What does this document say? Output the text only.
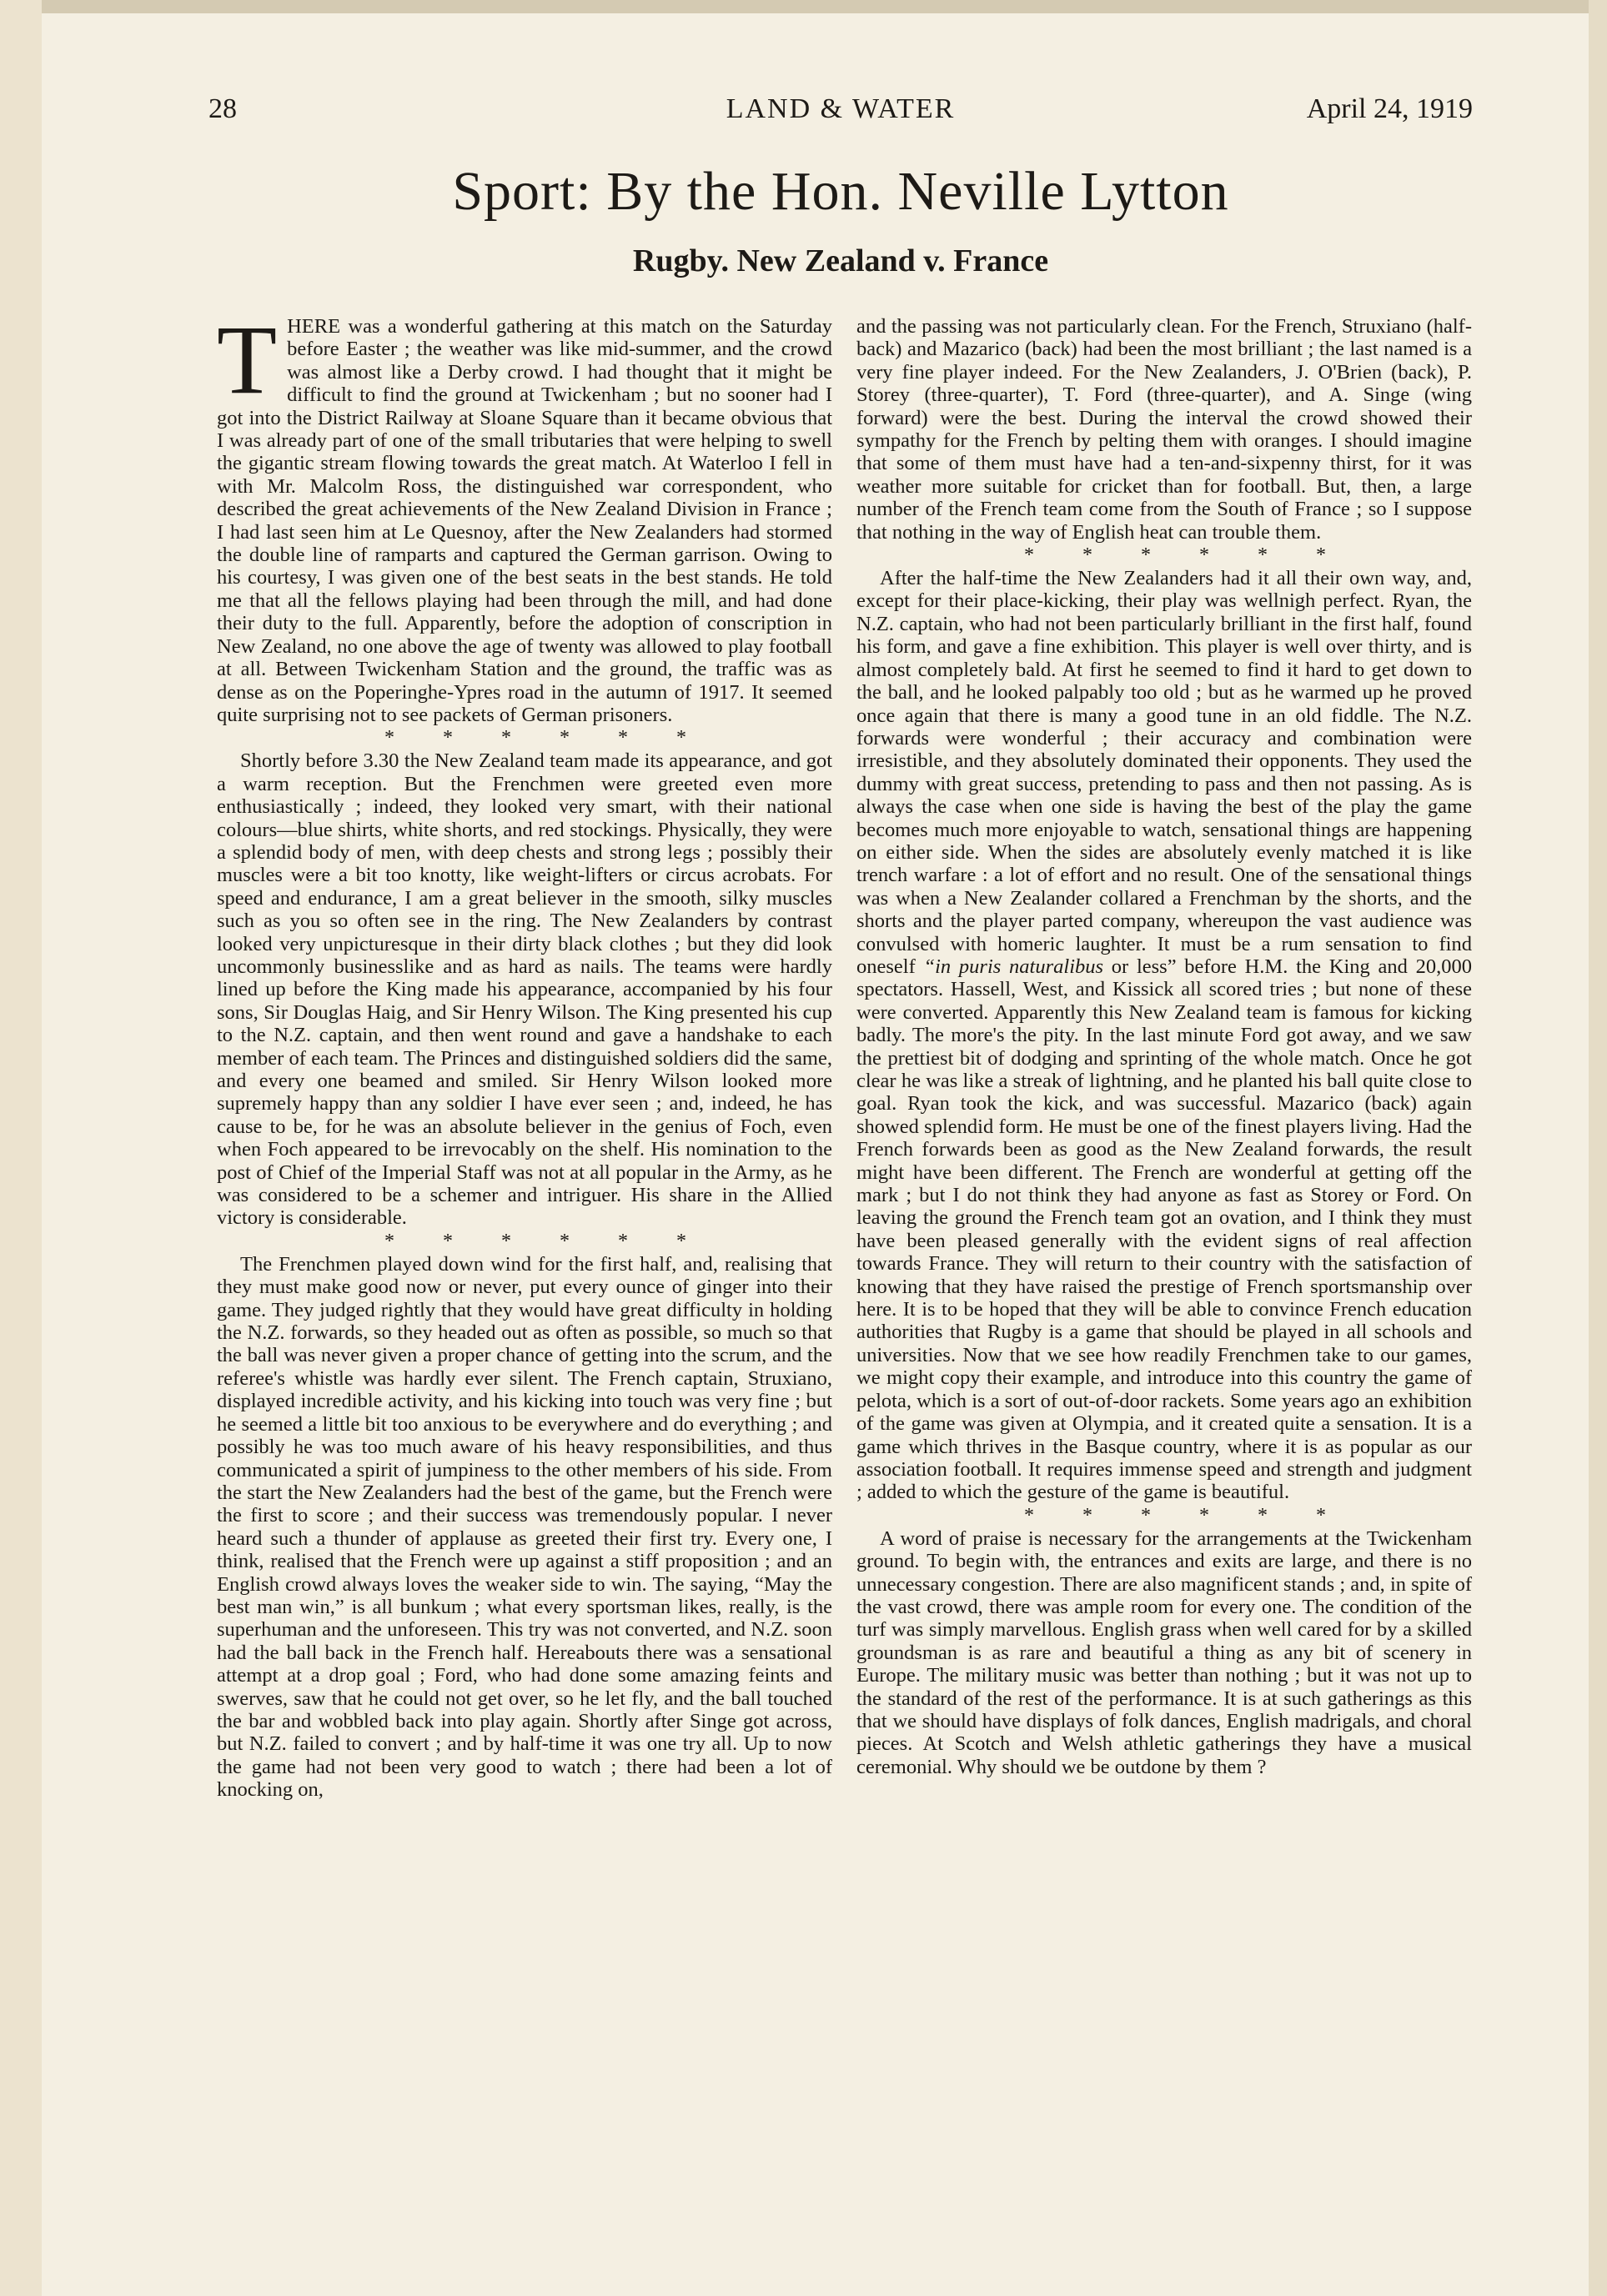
28	LAND & WATER	April 24, 1919
Sport: By the Hon. Neville Lytton
Rugby. New Zealand v. France

THERE was a wonderful gathering at this match on the Saturday before Easter ; the weather was like mid-summer, and the crowd was almost like a Derby crowd. I had thought that it might be difficult to find the ground at Twickenham ; but no sooner had I got into the District Railway at Sloane Square than it became obvious that I was already part of one of the small tributaries that were helping to swell the gigantic stream flowing towards the great match. At Waterloo I fell in with Mr. Malcolm Ross, the distinguished war correspondent, who described the great achievements of the New Zealand Division in France ; I had last seen him at Le Quesnoy, after the New Zealanders had stormed the double line of ramparts and captured the German garrison. Owing to his courtesy, I was given one of the best seats in the best stands. He told me that all the fellows playing had been through the mill, and had done their duty to the full. Apparently, before the adoption of conscription in New Zealand, no one above the age of twenty was allowed to play football at all. Between Twickenham Station and the ground, the traffic was as dense as on the Poperinghe-Ypres road in the autumn of 1917. It seemed quite surprising not to see packets of German prisoners.

* * * * * *

Shortly before 3.30 the New Zealand team made its appearance, and got a warm reception. But the Frenchmen were greeted even more enthusiastically ; indeed, they looked very smart, with their national colours—blue shirts, white shorts, and red stockings. Physically, they were a splendid body of men, with deep chests and strong legs ; possibly their muscles were a bit too knotty, like weight-lifters or circus acrobats. For speed and endurance, I am a great believer in the smooth, silky muscles such as you so often see in the ring. The New Zealanders by contrast looked very unpicturesque in their dirty black clothes ; but they did look uncommonly businesslike and as hard as nails. The teams were hardly lined up before the King made his appearance, accompanied by his four sons, Sir Douglas Haig, and Sir Henry Wilson. The King presented his cup to the N.Z. captain, and then went round and gave a handshake to each member of each team. The Princes and distinguished soldiers did the same, and every one beamed and smiled. Sir Henry Wilson looked more supremely happy than any soldier I have ever seen ; and, indeed, he has cause to be, for he was an absolute believer in the genius of Foch, even when Foch appeared to be irrevocably on the shelf. His nomination to the post of Chief of the Imperial Staff was not at all popular in the Army, as he was considered to be a schemer and intriguer. His share in the Allied victory is considerable.

* * * * * *

The Frenchmen played down wind for the first half, and, realising that they must make good now or never, put every ounce of ginger into their game. They judged rightly that they would have great difficulty in holding the N.Z. forwards, so they headed out as often as possible, so much so that the ball was never given a proper chance of getting into the scrum, and the referee's whistle was hardly ever silent. The French captain, Struxiano, displayed incredible activity, and his kicking into touch was very fine ; but he seemed a little bit too anxious to be everywhere and do everything ; and possibly he was too much aware of his heavy responsibilities, and thus communicated a spirit of jumpiness to the other members of his side. From the start the New Zealanders had the best of the game, but the French were the first to score ; and their success was tremendously popular. I never heard such a thunder of applause as greeted their first try. Every one, I think, realised that the French were up against a stiff proposition ; and an English crowd always loves the weaker side to win. The saying, “May the best man win,” is all bunkum ; what every sportsman likes, really, is the superhuman and the unforeseen. This try was not converted, and N.Z. soon had the ball back in the French half. Hereabouts there was a sensational attempt at a drop goal ; Ford, who had done some amazing feints and swerves, saw that he could not get over, so he let fly, and the ball touched the bar and wobbled back into play again. Shortly after Singe got across, but N.Z. failed to convert ; and by half-time it was one try all. Up to now the game had not been very good to watch ; there had been a lot of knocking on,

and the passing was not particularly clean. For the French, Struxiano (half-back) and Mazarico (back) had been the most brilliant ; the last named is a very fine player indeed. For the New Zealanders, J. O'Brien (back), P. Storey (three-quarter), T. Ford (three-quarter), and A. Singe (wing forward) were the best. During the interval the crowd showed their sympathy for the French by pelting them with oranges. I should imagine that some of them must have had a ten-and-sixpenny thirst, for it was weather more suitable for cricket than for football. But, then, a large number of the French team come from the South of France ; so I suppose that nothing in the way of English heat can trouble them.

* * * * * *

After the half-time the New Zealanders had it all their own way, and, except for their place-kicking, their play was wellnigh perfect. Ryan, the N.Z. captain, who had not been particularly brilliant in the first half, found his form, and gave a fine exhibition. This player is well over thirty, and is almost completely bald. At first he seemed to find it hard to get down to the ball, and he looked palpably too old ; but as he warmed up he proved once again that there is many a good tune in an old fiddle. The N.Z. forwards were wonderful ; their accuracy and combination were irresistible, and they absolutely dominated their opponents. They used the dummy with great success, pretending to pass and then not passing. As is always the case when one side is having the best of the play the game becomes much more enjoyable to watch, sensational things are happening on either side. When the sides are absolutely evenly matched it is like trench warfare : a lot of effort and no result. One of the sensational things was when a New Zealander collared a Frenchman by the shorts, and the shorts and the player parted company, whereupon the vast audience was convulsed with homeric laughter. It must be a rum sensation to find oneself “in puris naturalibus or less” before H.M. the King and 20,000 spectators. Hassell, West, and Kissick all scored tries ; but none of these were converted. Apparently this New Zealand team is famous for kicking badly. The more's the pity. In the last minute Ford got away, and we saw the prettiest bit of dodging and sprinting of the whole match. Once he got clear he was like a streak of lightning, and he planted his ball quite close to goal. Ryan took the kick, and was successful. Mazarico (back) again showed splendid form. He must be one of the finest players living. Had the French forwards been as good as the New Zealand forwards, the result might have been different. The French are wonderful at getting off the mark ; but I do not think they had anyone as fast as Storey or Ford. On leaving the ground the French team got an ovation, and I think they must have been pleased generally with the evident signs of real affection towards France. They will return to their country with the satisfaction of knowing that they have raised the prestige of French sportsmanship over here. It is to be hoped that they will be able to convince French education authorities that Rugby is a game that should be played in all schools and universities. Now that we see how readily Frenchmen take to our games, we might copy their example, and introduce into this country the game of pelota, which is a sort of out-of-door rackets. Some years ago an exhibition of the game was given at Olympia, and it created quite a sensation. It is a game which thrives in the Basque country, where it is as popular as our association football. It requires immense speed and strength and judgment ; added to which the gesture of the game is beautiful.

* * * * * *

A word of praise is necessary for the arrangements at the Twickenham ground. To begin with, the entrances and exits are large, and there is no unnecessary congestion. There are also magnificent stands ; and, in spite of the vast crowd, there was ample room for every one. The condition of the turf was simply marvellous. English grass when well cared for by a skilled groundsman is as rare and beautiful a thing as any bit of scenery in Europe. The military music was better than nothing ; but it was not up to the standard of the rest of the performance. It is at such gatherings as this that we should have displays of folk dances, English madrigals, and choral pieces. At Scotch and Welsh athletic gatherings they have a musical ceremonial. Why should we be outdone by them ?
